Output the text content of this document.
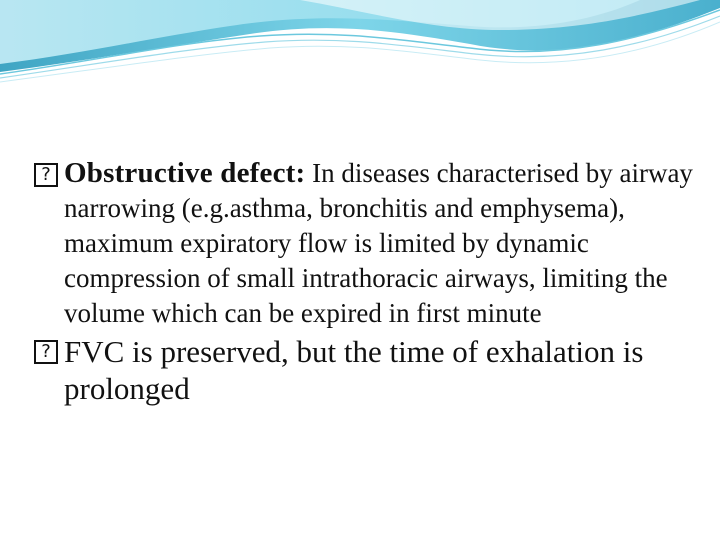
? Obstructive defect: In diseases characterised by airway narrowing (e.g.asthma, bronchitis and emphysema), maximum expiratory flow is limited by dynamic compression of small intrathoracic airways, limiting the volume which can be expired in first minute
? FVC is preserved, but the time of exhalation is prolonged
